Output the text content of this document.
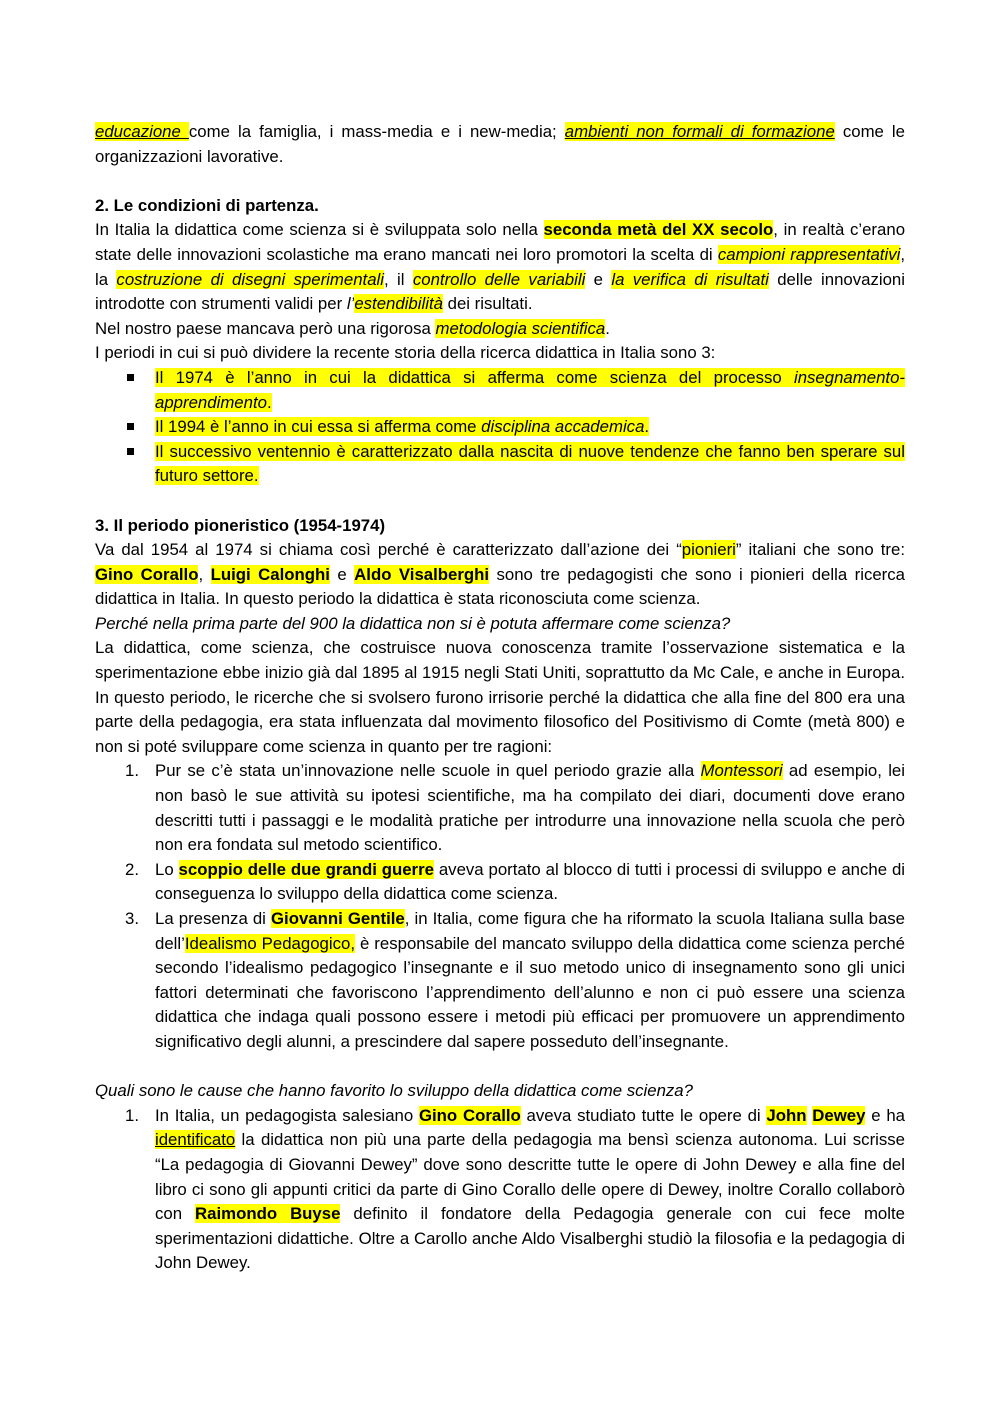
educazione come la famiglia, i mass-media e i new-media; ambienti non formali di formazione come le organizzazioni lavorative.

2. Le condizioni di partenza.

In Italia la didattica come scienza si è sviluppata solo nella seconda metà del XX secolo, in realtà c’erano state delle innovazioni scolastiche ma erano mancati nei loro promotori la scelta di campioni rappresentativi, la costruzione di disegni sperimentali, il controllo delle variabili e la verifica di risultati delle innovazioni introdotte con strumenti validi per l’estendibilità dei risultati.

Nel nostro paese mancava però una rigorosa metodologia scientifica.

I periodi in cui si può dividere la recente storia della ricerca didattica in Italia sono 3:

Il 1974 è l’anno in cui la didattica si afferma come scienza del processo insegnamento-apprendimento.
Il 1994 è l’anno in cui essa si afferma come disciplina accademica.
Il successivo ventennio è caratterizzato dalla nascita di nuove tendenze che fanno ben sperare sul futuro settore.

3. Il periodo pioneristico (1954-1974)

Va dal 1954 al 1974 si chiama così perché è caratterizzato dall’azione dei “pionieri” italiani che sono tre: Gino Corallo, Luigi Calonghi e Aldo Visalberghi sono tre pedagogisti che sono i pionieri della ricerca didattica in Italia. In questo periodo la didattica è stata riconosciuta come scienza.

Perché nella prima parte del 900 la didattica non si è potuta affermare come scienza?

La didattica, come scienza, che costruisce nuova conoscenza tramite l’osservazione sistematica e la sperimentazione ebbe inizio già dal 1895 al 1915 negli Stati Uniti, soprattutto da Mc Cale, e anche in Europa. In questo periodo, le ricerche che si svolsero furono irrisorie perché la didattica che alla fine del 800 era una parte della pedagogia, era stata influenzata dal movimento filosofico del Positivismo di Comte (metà 800) e non si poté sviluppare come scienza in quanto per tre ragioni:

1. Pur se c’è stata un’innovazione nelle scuole in quel periodo grazie alla Montessori ad esempio, lei non basò le sue attività su ipotesi scientifiche, ma ha compilato dei diari, documenti dove erano descritti tutti i passaggi e le modalità pratiche per introdurre una innovazione nella scuola che però non era fondata sul metodo scientifico.
2. Lo scoppio delle due grandi guerre aveva portato al blocco di tutti i processi di sviluppo e anche di conseguenza lo sviluppo della didattica come scienza.
3. La presenza di Giovanni Gentile, in Italia, come figura che ha riformato la scuola Italiana sulla base dell’Idealismo Pedagogico, è responsabile del mancato sviluppo della didattica come scienza perché secondo l’idealismo pedagogico l’insegnante e il suo metodo unico di insegnamento sono gli unici fattori determinati che favoriscono l’apprendimento dell’alunno e non ci può essere una scienza didattica che indaga quali possono essere i metodi più efficaci per promuovere un apprendimento significativo degli alunni, a prescindere dal sapere posseduto dell’insegnante.

Quali sono le cause che hanno favorito lo sviluppo della didattica come scienza?

1. In Italia, un pedagogista salesiano Gino Corallo aveva studiato tutte le opere di John Dewey e ha identificato la didattica non più una parte della pedagogia ma bensì scienza autonoma. Lui scrisse “La pedagogia di Giovanni Dewey” dove sono descritte tutte le opere di John Dewey e alla fine del libro ci sono gli appunti critici da parte di Gino Corallo delle opere di Dewey, inoltre Corallo collaborò con Raimondo Buyse definito il fondatore della Pedagogia generale con cui fece molte sperimentazioni didattiche. Oltre a Carollo anche Aldo Visalberghi studiò la filosofia e la pedagogia di John Dewey.
